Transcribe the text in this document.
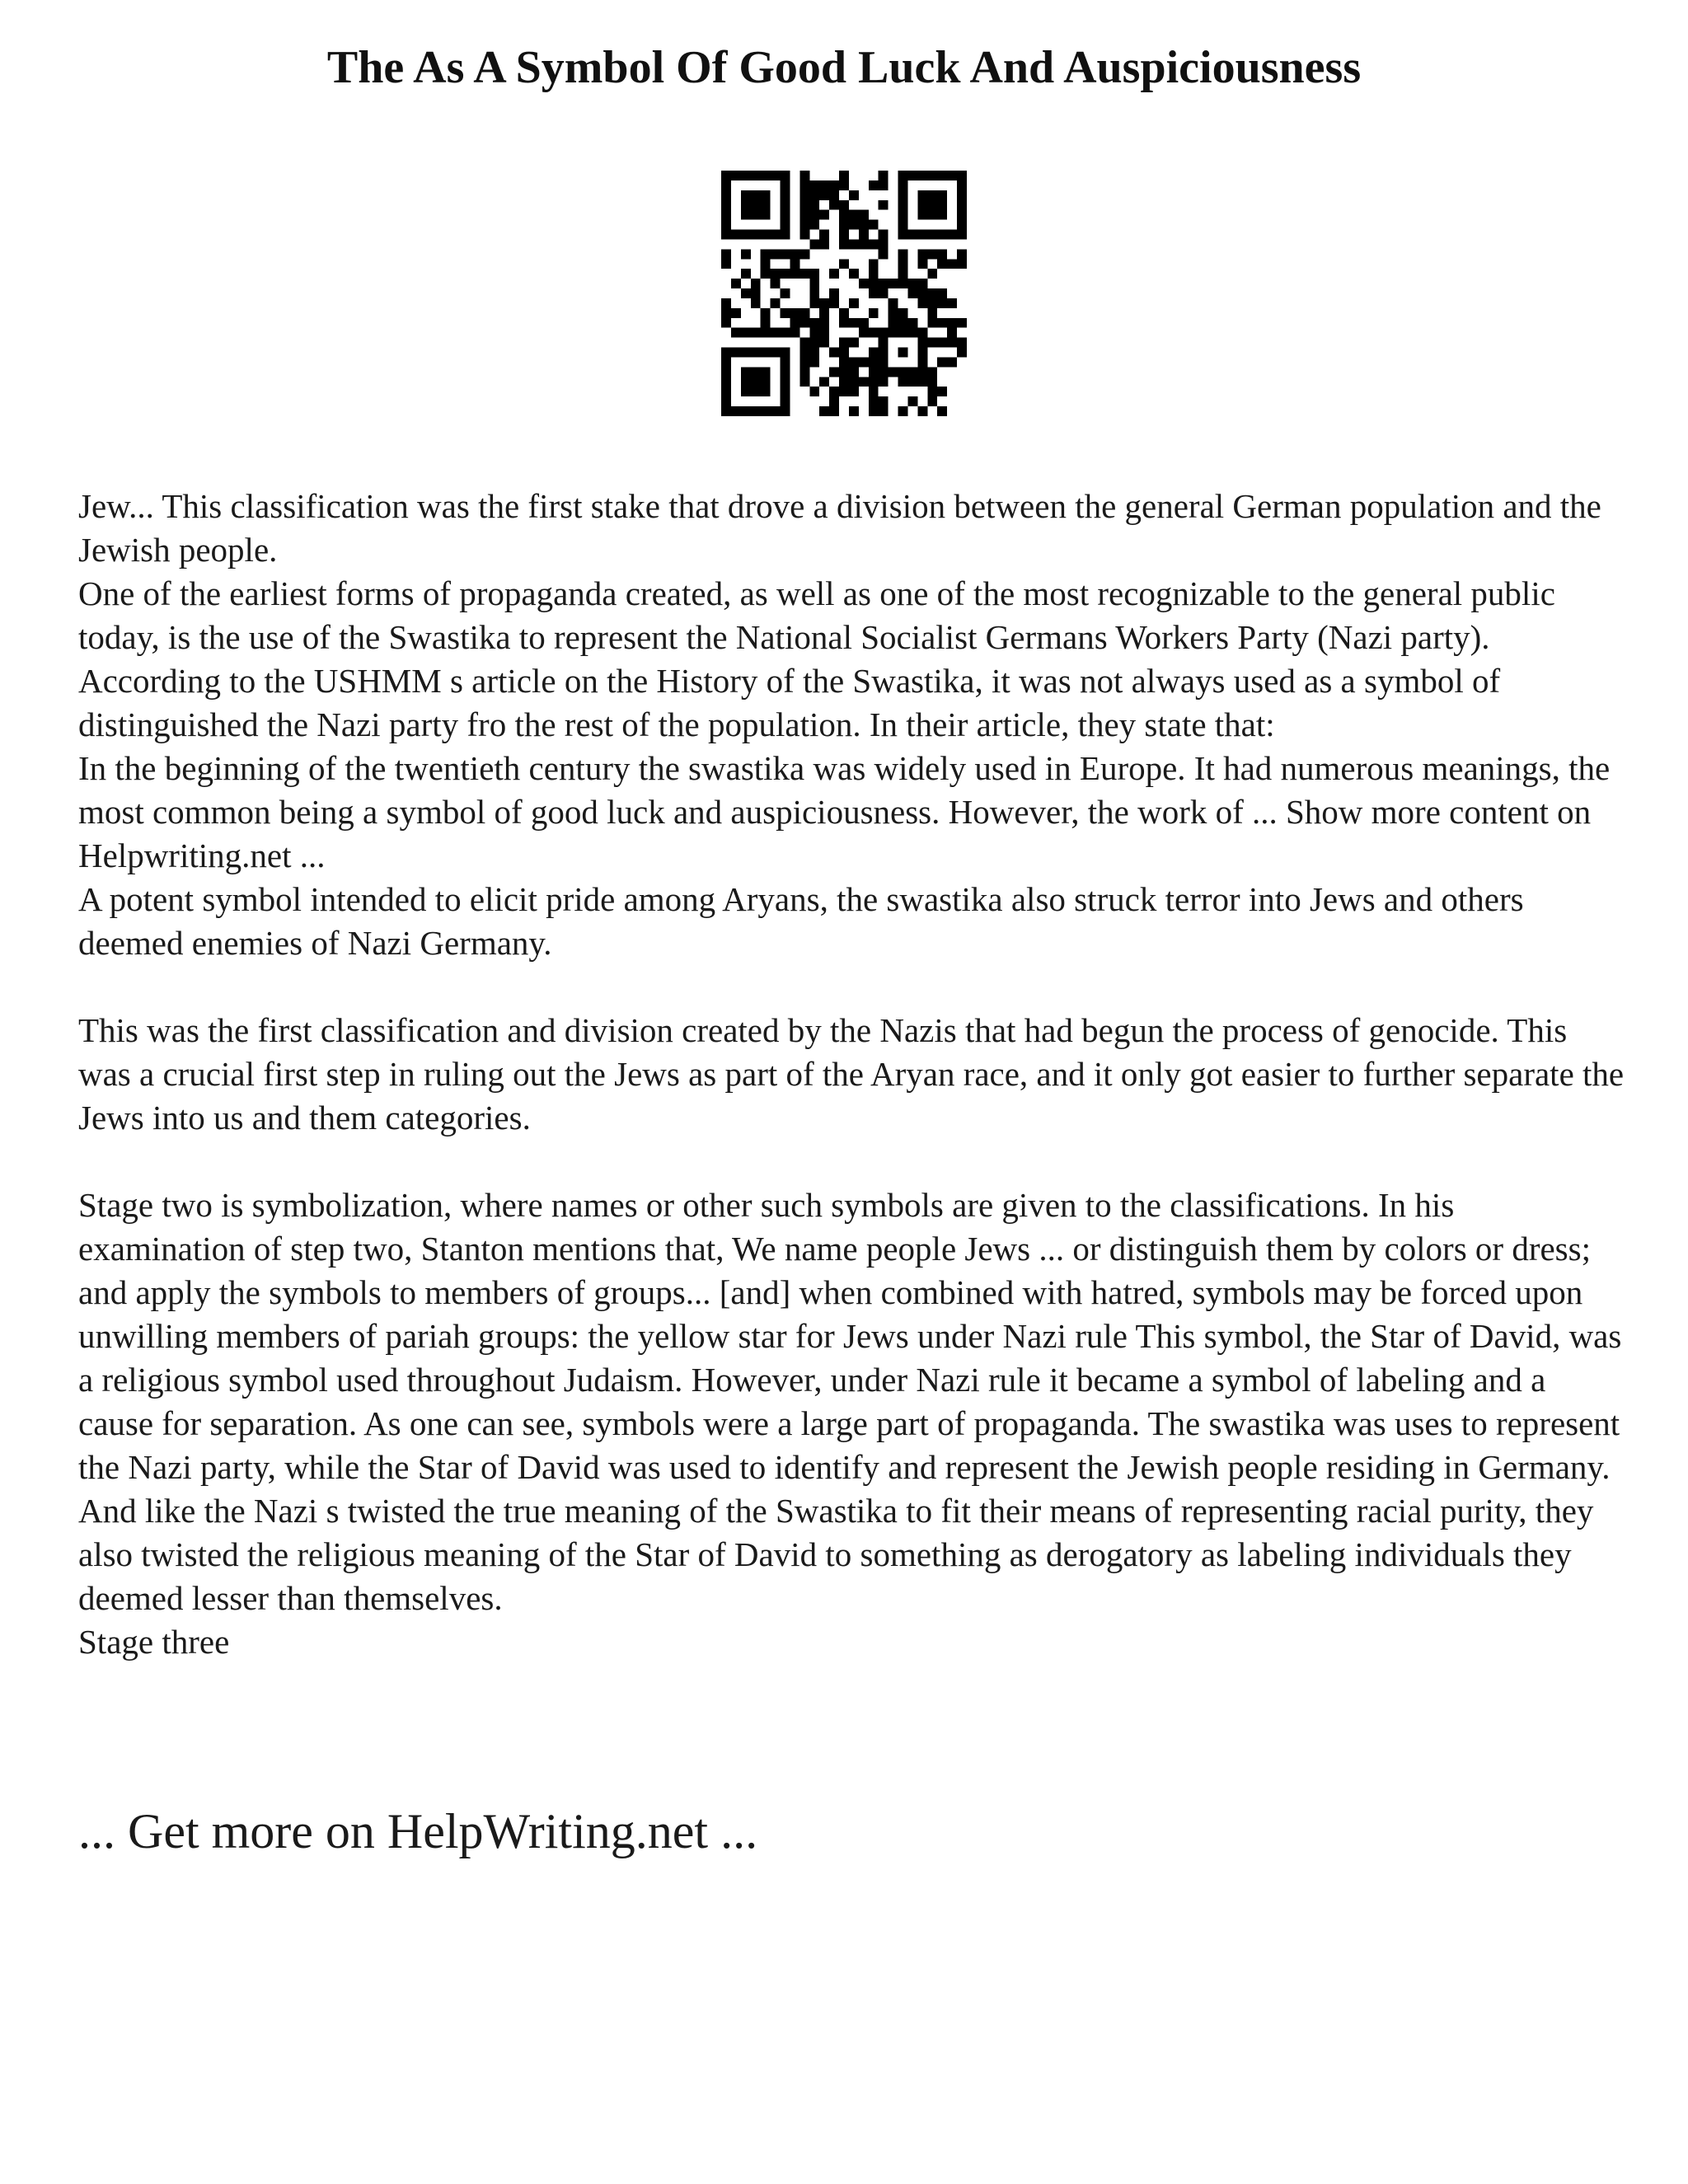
The As A Symbol Of Good Luck And Auspiciousness

Jew... This classification was the first stake that drove a division between the general German population and the Jewish people.

One of the earliest forms of propaganda created, as well as one of the most recognizable to the general public today, is the use of the Swastika to represent the National Socialist Germans Workers Party (Nazi party). According to the USHMM s article on the History of the Swastika, it was not always used as a symbol of distinguished the Nazi party fro the rest of the population. In their article, they state that:

In the beginning of the twentieth century the swastika was widely used in Europe. It had numerous meanings, the most common being a symbol of good luck and auspiciousness. However, the work of ... Show more content on Helpwriting.net ...

A potent symbol intended to elicit pride among Aryans, the swastika also struck terror into Jews and others deemed enemies of Nazi Germany.

This was the first classification and division created by the Nazis that had begun the process of genocide. This was a crucial first step in ruling out the Jews as part of the Aryan race, and it only got easier to further separate the Jews into us and them categories.

Stage two is symbolization, where names or other such symbols are given to the classifications. In his examination of step two, Stanton mentions that, We name people Jews ... or distinguish them by colors or dress; and apply the symbols to members of groups... [and] when combined with hatred, symbols may be forced upon unwilling members of pariah groups: the yellow star for Jews under Nazi rule This symbol, the Star of David, was a religious symbol used throughout Judaism. However, under Nazi rule it became a symbol of labeling and a cause for separation. As one can see, symbols were a large part of propaganda. The swastika was uses to represent the Nazi party, while the Star of David was used to identify and represent the Jewish people residing in Germany. And like the Nazi s twisted the true meaning of the Swastika to fit their means of representing racial purity, they also twisted the religious meaning of the Star of David to something as derogatory as labeling individuals they deemed lesser than themselves.

Stage three

... Get more on HelpWriting.net ...
